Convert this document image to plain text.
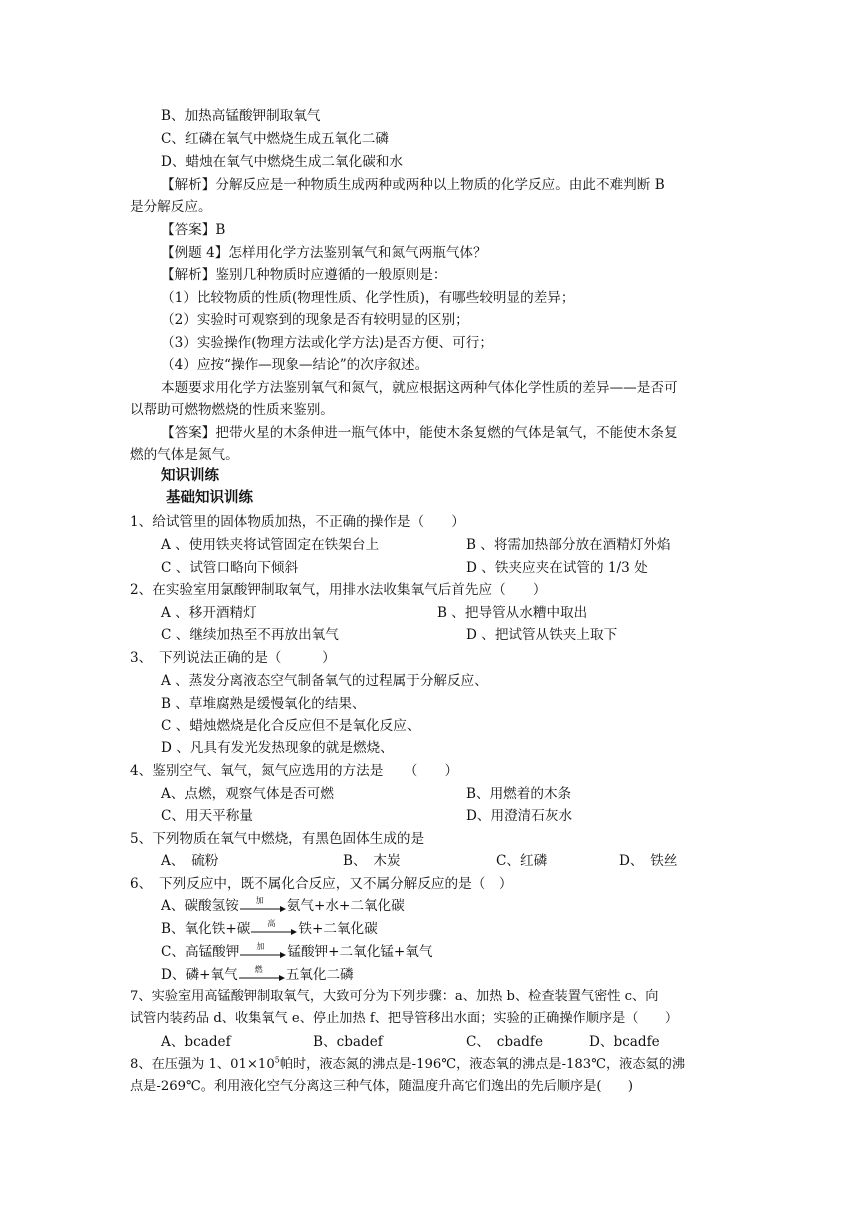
B、加热高锰酸钾制取氧气
C、红磷在氧气中燃烧生成五氧化二磷
D、蜡烛在氧气中燃烧生成二氧化碳和水
【解析】分解反应是一种物质生成两种或两种以上物质的化学反应。由此不难判断 B
是分解反应。
【答案】B
【例题 4】怎样用化学方法鉴别氧气和氮气两瓶气体？
【解析】鉴别几种物质时应遵循的一般原则是：
（1）比较物质的性质(物理性质、化学性质)，有哪些较明显的差异；
（2）实验时可观察到的现象是否有较明显的区别；
（3）实验操作(物理方法或化学方法)是否方便、可行；
（4）应按“操作—现象—结论”的次序叙述。
本题要求用化学方法鉴别氧气和氮气，就应根据这两种气体化学性质的差异——是否可
以帮助可燃物燃烧的性质来鉴别。
【答案】把带火星的木条伸进一瓶气体中，能使木条复燃的气体是氧气，不能使木条复
燃的气体是氮气。
知识训练
基础知识训练
1、给试管里的固体物质加热，不正确的操作是（　　）
A 、使用铁夹将试管固定在铁架台上	B 、将需加热部分放在酒精灯外焰
C 、试管口略向下倾斜	D 、铁夹应夹在试管的 1/3 处
2、在实验室用氯酸钾制取氧气，用排水法收集氧气后首先应（　　）
A 、移开酒精灯	B 、把导管从水糟中取出
C 、继续加热至不再放出氧气	D 、把试管从铁夹上取下
3、　下列说法正确的是（　　　）
A 、蒸发分离液态空气制备氧气的过程属于分解反应、
B 、草堆腐熟是缓慢氧化的结果、
C 、蜡烛燃烧是化合反应但不是氧化反应、
D 、凡具有发光发热现象的就是燃烧、
4、鉴别空气、氧气，氮气应选用的方法是　　（　　）
A、点燃，观察气体是否可燃	B、用燃着的木条
C、用天平称量	D、用澄清石灰水
5、下列物质在氧气中燃烧，有黑色固体生成的是
A、　硫粉	B、　木炭	C、红磷	D、　铁丝
6、　下列反应中，既不属化合反应，又不属分解反应的是（　）
A、碳酸氢铵	加	氨气+水+二氧化碳
B、氧化铁+碳	高	铁+二氧化碳
C、高锰酸钾	加	锰酸钾+二氧化锰+氧气
D、磷+氧气	燃	五氧化二磷
7、实验室用高锰酸钾制取氧气，大致可分为下列步骤：a、加热 b、检查装置气密性 c、向
试管内装药品 d、收集氧气 e、停止加热 f、把导管移出水面；实验的正确操作顺序是（　　）
A、bcadef	B、cbadef	C、　cbadfe	D、bcadfe
8、在压强为 1、$01\times 10^5$帕时，液态氮的沸点是-196℃，液态氧的沸点是-183℃，液态氦的沸
点是-269℃。利用液化空气分离这三种气体，随温度升高它们逸出的先后顺序是(　　)
